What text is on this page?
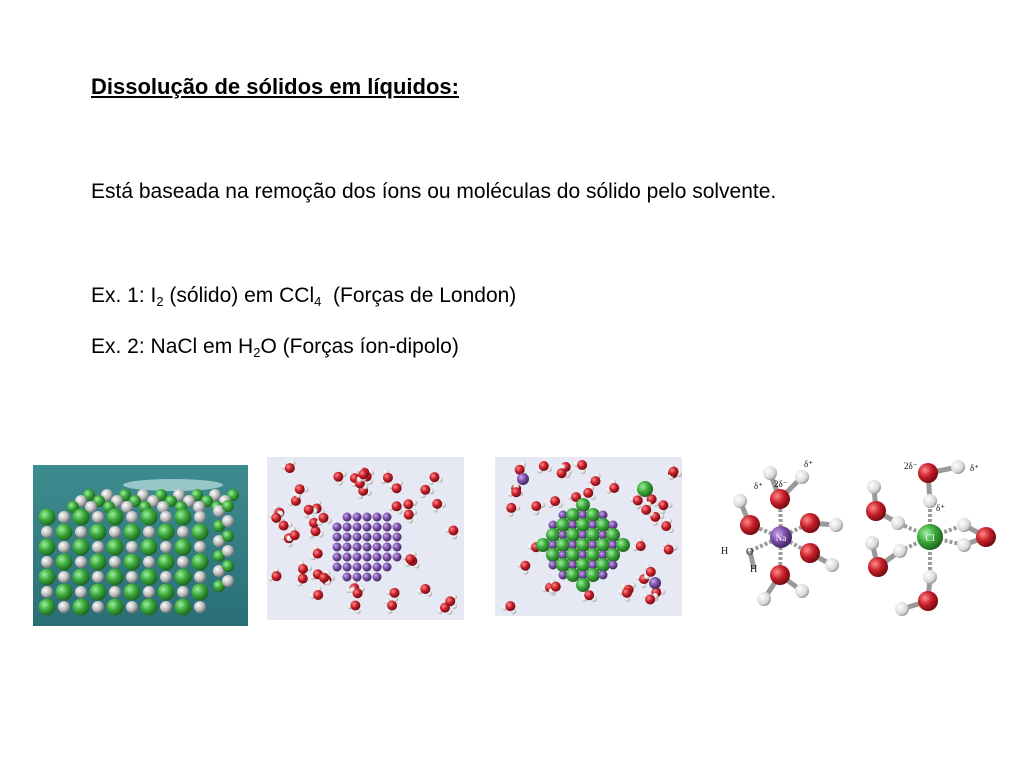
Dissolução de sólidos em líquidos:
Está baseada na remoção dos íons ou moléculas do sólido pelo solvente.
Ex. 1: $I_2$ (sólido) em CCl$_4$  (Forças de London)
Ex. 2: NaCl em $H_2O$ (Forças íon-dipolo)
Na
H O
H
δ⁺ 2δ⁻
δ⁺
Cl
2δ⁻	δ⁺
δ⁺
